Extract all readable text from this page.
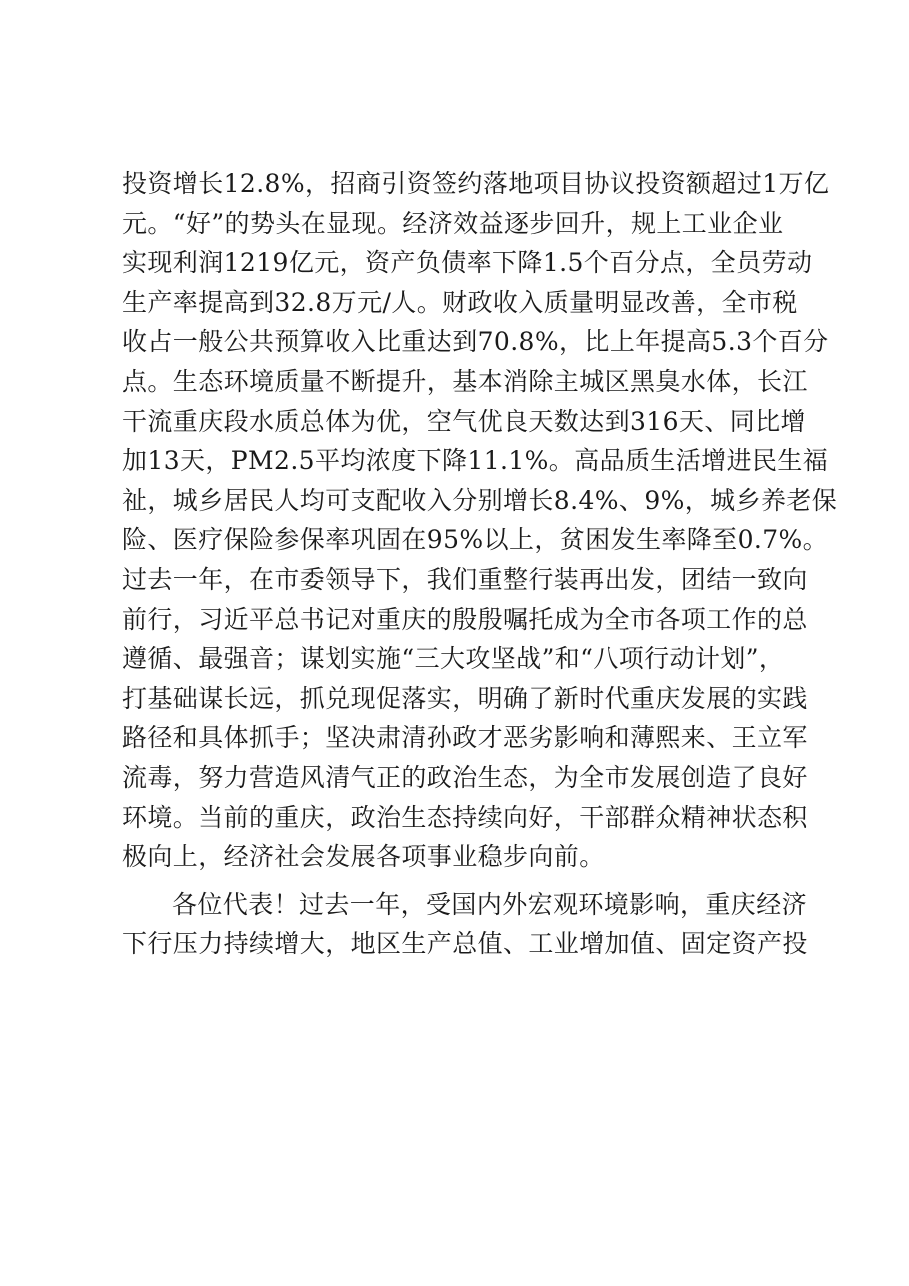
投资增长12.8%，招商引资签约落地项目协议投资额超过1万亿
元。“好”的势头在显现。经济效益逐步回升，规上工业企业
实现利润1219亿元，资产负债率下降1.5个百分点，全员劳动
生产率提高到32.8万元/人。财政收入质量明显改善，全市税
收占一般公共预算收入比重达到70.8%，比上年提高5.3个百分
点。生态环境质量不断提升，基本消除主城区黑臭水体，长江
干流重庆段水质总体为优，空气优良天数达到316天、同比增
加13天，PM2.5平均浓度下降11.1%。高品质生活增进民生福
祉，城乡居民人均可支配收入分别增长8.4%、9%，城乡养老保
险、医疗保险参保率巩固在95%以上，贫困发生率降至0.7%。
过去一年，在市委领导下，我们重整行装再出发，团结一致向
前行，习近平总书记对重庆的殷殷嘱托成为全市各项工作的总
遵循、最强音；谋划实施“三大攻坚战”和“八项行动计划”，
打基础谋长远，抓兑现促落实，明确了新时代重庆发展的实践
路径和具体抓手；坚决肃清孙政才恶劣影响和薄熙来、王立军
流毒，努力营造风清气正的政治生态，为全市发展创造了良好
环境。当前的重庆，政治生态持续向好，干部群众精神状态积
极向上，经济社会发展各项事业稳步向前。
各位代表！过去一年，受国内外宏观环境影响，重庆经济
下行压力持续增大，地区生产总值、工业增加值、固定资产投
